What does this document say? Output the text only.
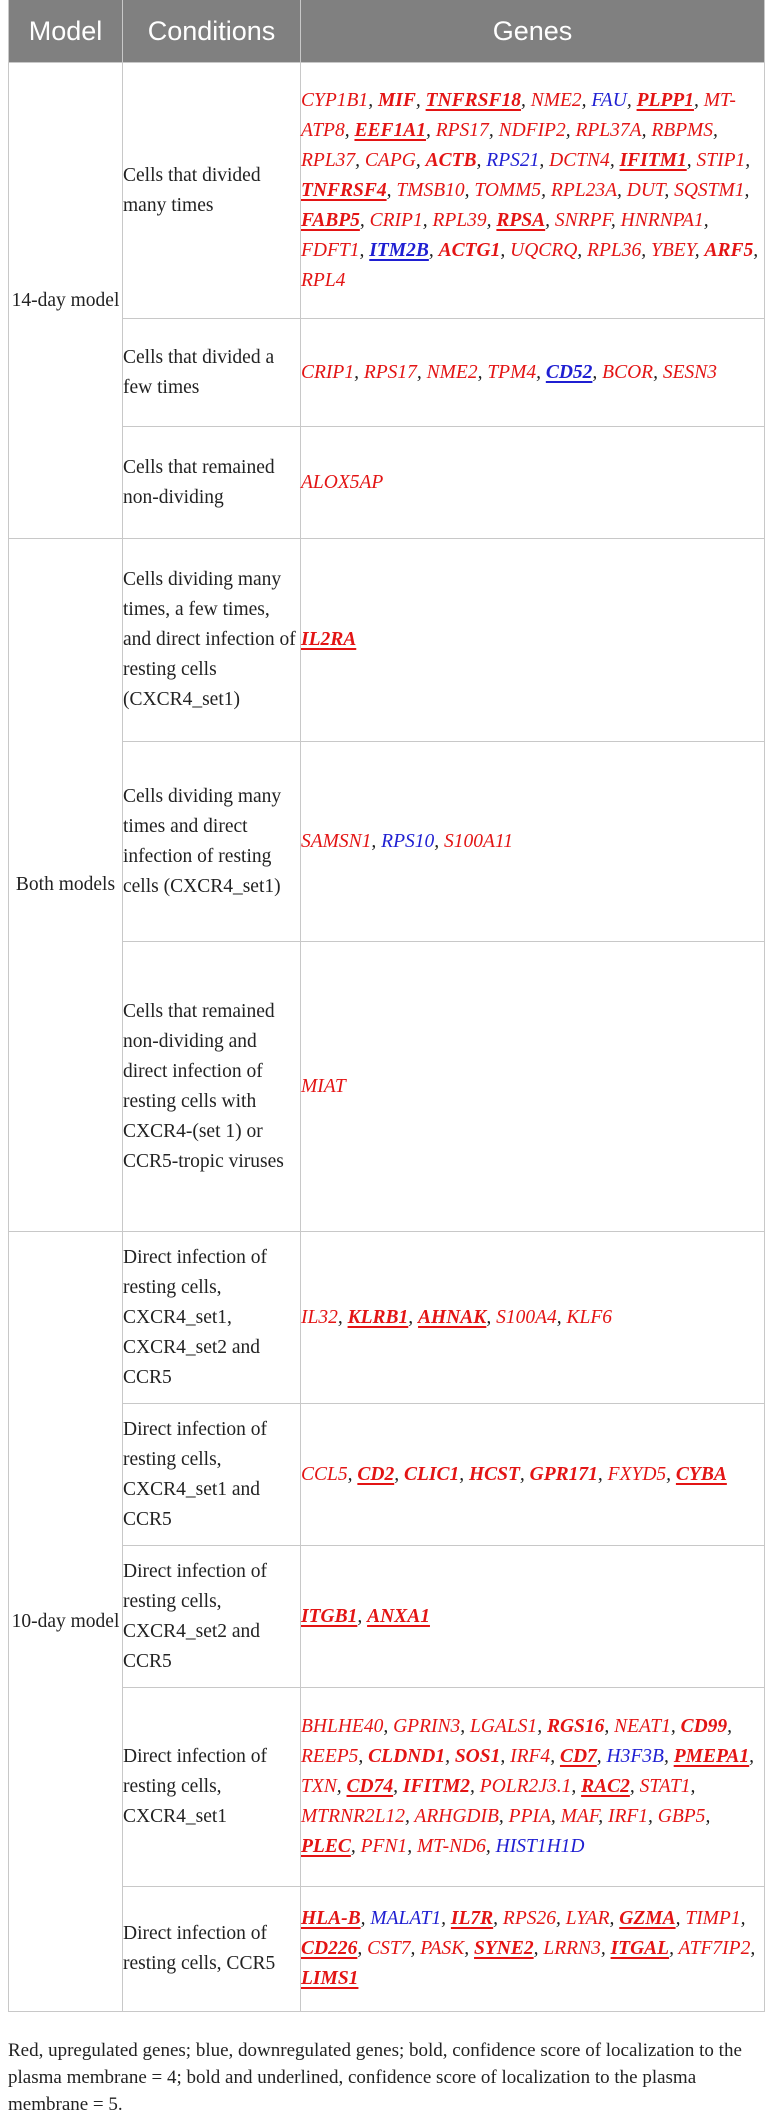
Model	Conditions	Genes
14-day model	Cells that divided many times	CYP1B1, MIF, TNFRSF18, NME2, FAU, PLPP1, MT-ATP8, EEF1A1, RPS17, NDFIP2, RPL37A, RBPMS, RPL37, CAPG, ACTB, RPS21, DCTN4, IFITM1, STIP1, TNFRSF4, TMSB10, TOMM5, RPL23A, DUT, SQSTM1, FABP5, CRIP1, RPL39, RPSA, SNRPF, HNRNPA1, FDFT1, ITM2B, ACTG1, UQCRQ, RPL36, YBEY, ARF5, RPL4
	Cells that divided a few times	CRIP1, RPS17, NME2, TPM4, CD52, BCOR, SESN3
	Cells that remained non-dividing	ALOX5AP
Both models	Cells dividing many times, a few times, and direct infection of resting cells (CXCR4_set1)	IL2RA
	Cells dividing many times and direct infection of resting cells (CXCR4_set1)	SAMSN1, RPS10, S100A11
	Cells that remained non-dividing and direct infection of resting cells with CXCR4-(set 1) or CCR5-tropic viruses	MIAT
10-day model	Direct infection of resting cells, CXCR4_set1, CXCR4_set2 and CCR5	IL32, KLRB1, AHNAK, S100A4, KLF6
	Direct infection of resting cells, CXCR4_set1 and CCR5	CCL5, CD2, CLIC1, HCST, GPR171, FXYD5, CYBA
	Direct infection of resting cells, CXCR4_set2 and CCR5	ITGB1, ANXA1
	Direct infection of resting cells, CXCR4_set1	BHLHE40, GPRIN3, LGALS1, RGS16, NEAT1, CD99, REEP5, CLDND1, SOS1, IRF4, CD7, H3F3B, PMEPA1, TXN, CD74, IFITM2, POLR2J3.1, RAC2, STAT1, MTRNR2L12, ARHGDIB, PPIA, MAF, IRF1, GBP5, PLEC, PFN1, MT-ND6, HIST1H1D
	Direct infection of resting cells, CCR5	HLA-B, MALAT1, IL7R, RPS26, LYAR, GZMA, TIMP1, CD226, CST7, PASK, SYNE2, LRRN3, ITGAL, ATF7IP2, LIMS1
Red, upregulated genes; blue, downregulated genes; bold, confidence score of localization to the plasma membrane = 4; bold and underlined, confidence score of localization to the plasma membrane = 5.
